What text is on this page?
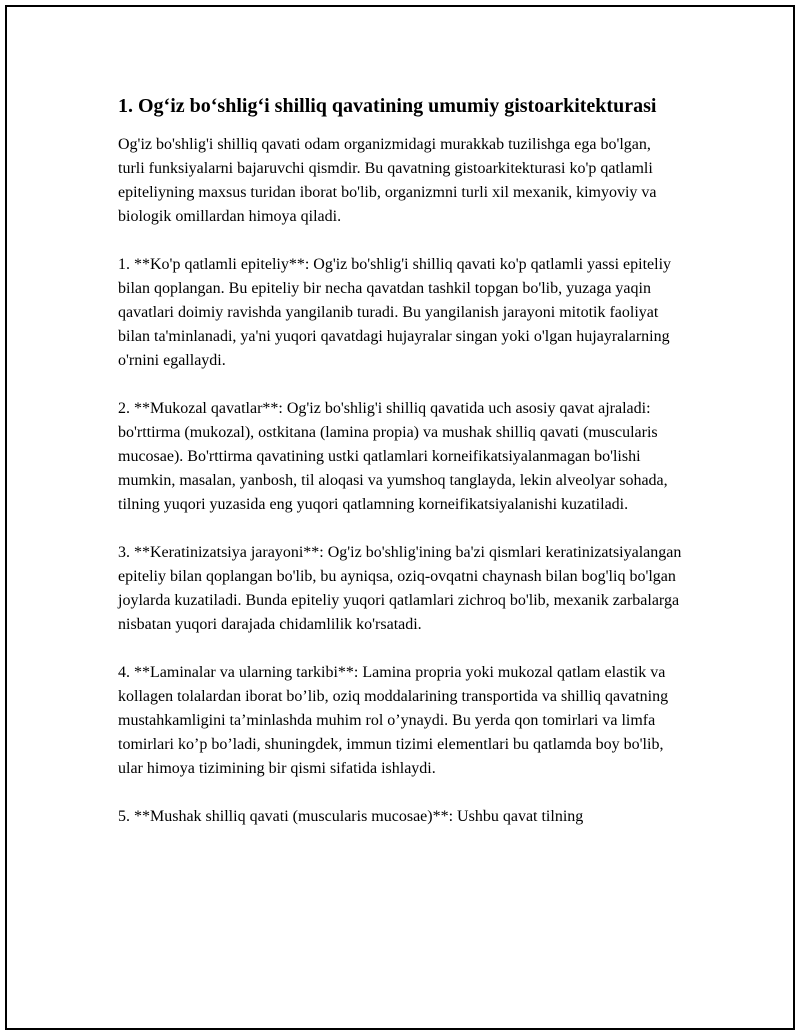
1. Og‘iz bo‘shlig‘i shilliq qavatining umumiy gistoarkitekturasi

Og'iz bo'shlig'i shilliq qavati odam organizmidagi murakkab tuzilishga ega bo'lgan, turli funksiyalarni bajaruvchi qismdir. Bu qavatning gistoarkitekturasi ko'p qatlamli epiteliyning maxsus turidan iborat bo'lib, organizmni turli xil mexanik, kimyoviy va biologik omillardan himoya qiladi.

1. **Ko'p qatlamli epiteliy**: Og'iz bo'shlig'i shilliq qavati ko'p qatlamli yassi epiteliy bilan qoplangan. Bu epiteliy bir necha qavatdan tashkil topgan bo'lib, yuzaga yaqin qavatlari doimiy ravishda yangilanib turadi. Bu yangilanish jarayoni mitotik faoliyat bilan ta'minlanadi, ya'ni yuqori qavatdagi hujayralar singan yoki o'lgan hujayralarning o'rnini egallaydi.

2. **Mukozal qavatlar**: Og'iz bo'shlig'i shilliq qavatida uch asosiy qavat ajraladi: bo'rttirma (mukozal), ostkitana (lamina propia) va mushak shilliq qavati (muscularis mucosae). Bo'rttirma qavatining ustki qatlamlari korneifikatsiyalanmagan bo'lishi mumkin, masalan, yanbosh, til aloqasi va yumshoq tanglayda, lekin alveolyar sohada, tilning yuqori yuzasida eng yuqori qatlamning korneifikatsiyalanishi kuzatiladi.

3. **Keratinizatsiya jarayoni**: Og'iz bo'shlig'ining ba'zi qismlari keratinizatsiyalangan epiteliy bilan qoplangan bo'lib, bu ayniqsa, oziq-ovqatni chaynash bilan bog'liq bo'lgan joylarda kuzatiladi. Bunda epiteliy yuqori qatlamlari zichroq bo'lib, mexanik zarbalarga nisbatan yuqori darajada chidamlilik ko'rsatadi.

4. **Laminalar va ularning tarkibi**: Lamina propria yoki mukozal qatlam elastik va kollagen tolalardan iborat bo’lib, oziq moddalarining transportida va shilliq qavatning mustahkamligini ta’minlashda muhim rol o’ynaydi. Bu yerda qon tomirlari va limfa tomirlari ko’p bo’ladi, shuningdek, immun tizimi elementlari bu qatlamda boy bo'lib, ular himoya tizimining bir qismi sifatida ishlaydi.

5. **Mushak shilliq qavati (muscularis mucosae)**: Ushbu qavat tilning
